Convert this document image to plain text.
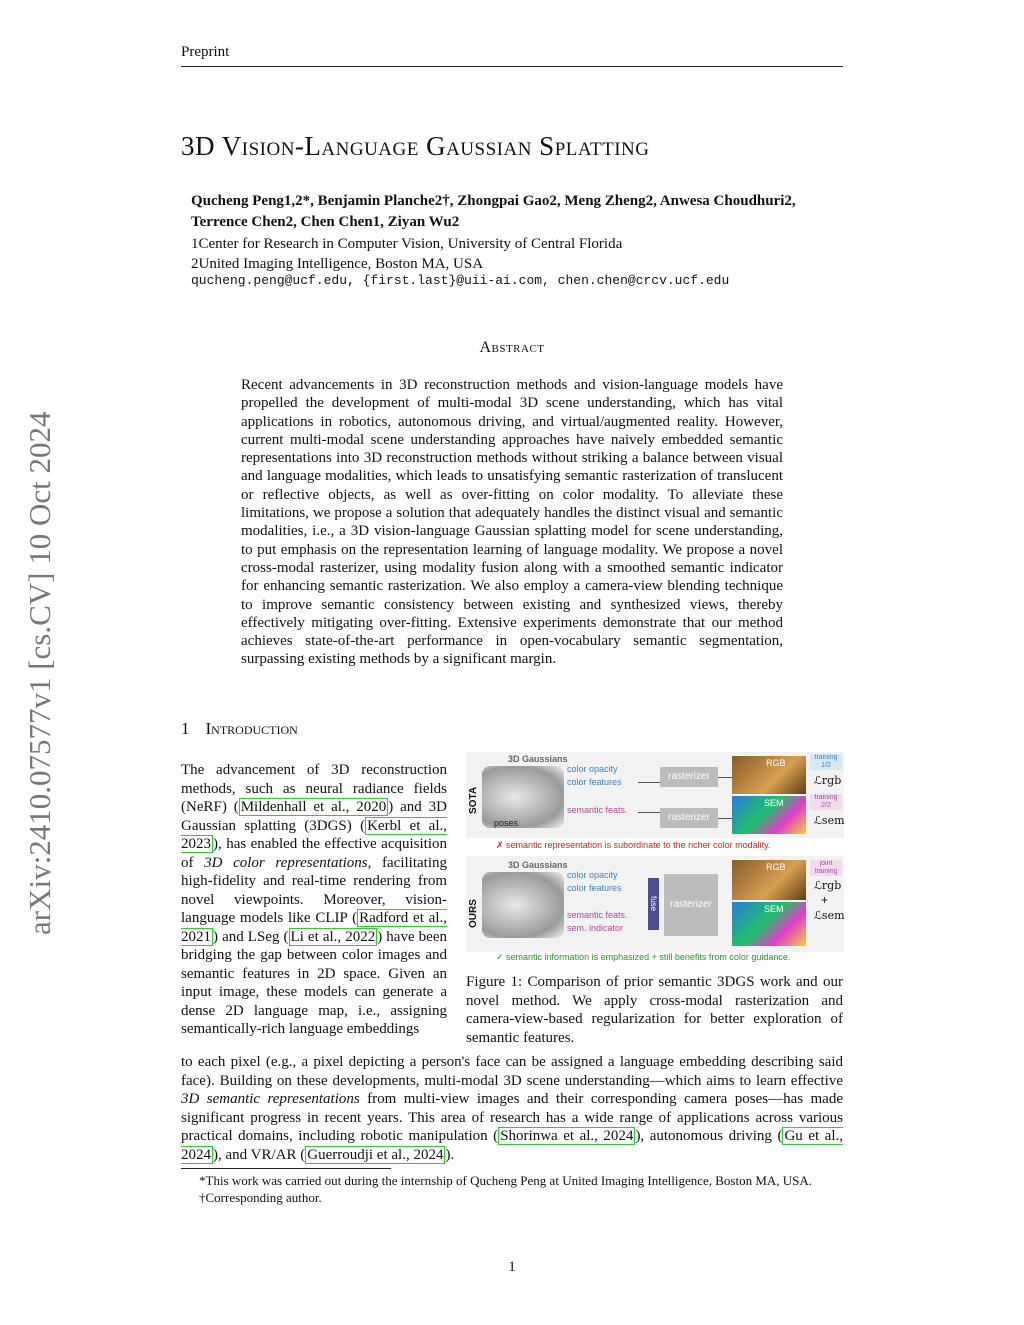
Preprint
3D Vision-Language Gaussian Splatting
Qucheng Peng1,2*, Benjamin Planche2†, Zhongpai Gao2, Meng Zheng2, Anwesa Choudhuri2,
Terrence Chen2, Chen Chen1, Ziyan Wu2
1Center for Research in Computer Vision, University of Central Florida
2United Imaging Intelligence, Boston MA, USA
qucheng.peng@ucf.edu, {first.last}@uii-ai.com, chen.chen@crcv.ucf.edu
arXiv:2410.07577v1 [cs.CV] 10 Oct 2024
Abstract
Recent advancements in 3D reconstruction methods and vision-language models have propelled the development of multi-modal 3D scene understanding, which has vital applications in robotics, autonomous driving, and virtual/augmented reality. However, current multi-modal scene understanding approaches have naively embedded semantic representations into 3D reconstruction methods without striking a balance between visual and language modalities, which leads to unsatisfying semantic rasterization of translucent or reflective objects, as well as over-fitting on color modality. To alleviate these limitations, we propose a solution that adequately handles the distinct visual and semantic modalities, i.e., a 3D vision-language Gaussian splatting model for scene understanding, to put emphasis on the representation learning of language modality. We propose a novel cross-modal rasterizer, using modality fusion along with a smoothed semantic indicator for enhancing semantic rasterization. We also employ a camera-view blending technique to improve semantic consistency between existing and synthesized views, thereby effectively mitigating over-fitting. Extensive experiments demonstrate that our method achieves state-of-the-art performance in open-vocabulary semantic segmentation, surpassing existing methods by a significant margin.
1 Introduction
The advancement of 3D reconstruction methods, such as neural radiance fields (NeRF) ( Mildenhall et al., 2020 ) and 3D Gaussian splatting (3DGS) ( Kerbl et al., 2023 ), has enabled the effective acquisition of 3D color representations, facilitating high-fidelity and real-time rendering from novel viewpoints. Moreover, vision-language models like CLIP ( Radford et al., 2021 ) and LSeg ( Li et al., 2022 ) have been bridging the gap between color images and semantic features in 2D space. Given an input image, these models can generate a dense 2D language map, i.e., assigning semantically-rich language embeddings
to each pixel (e.g., a pixel depicting a person's face can be assigned a language embedding describing said face). Building on these developments, multi-modal 3D scene understanding—which aims to learn effective 3D semantic representations from multi-view images and their corresponding camera poses—has made significant progress in recent years. This area of research has a wide range of applications across various practical domains, including robotic manipulation ( Shorinwa et al., 2024 ), autonomous driving ( Gu et al., 2024 ), and VR/AR ( Guerroudji et al., 2024 ).
SOTA
3D Gaussians
poses
color opacity
color features
semantic feats.
rasterizer
rasterizer
RGB
SEM
training 1/2
ℒrgb
training 2/2
ℒsem
✗ semantic representation is subordinate to the richer color modality.
OURS
3D Gaussians
color opacity
color features
semantic feats.
sem. indicator
fuse	rasterizer
RGB
SEM
joint training
ℒrgb
+
ℒsem
✓ semantic information is emphasized + still benefits from color guidance.
Figure 1: Comparison of prior semantic 3DGS work and our novel method. We apply cross-modal rasterization and camera-view-based regularization for better exploration of semantic features.
*This work was carried out during the internship of Qucheng Peng at United Imaging Intelligence, Boston MA, USA.
†Corresponding author.
1
